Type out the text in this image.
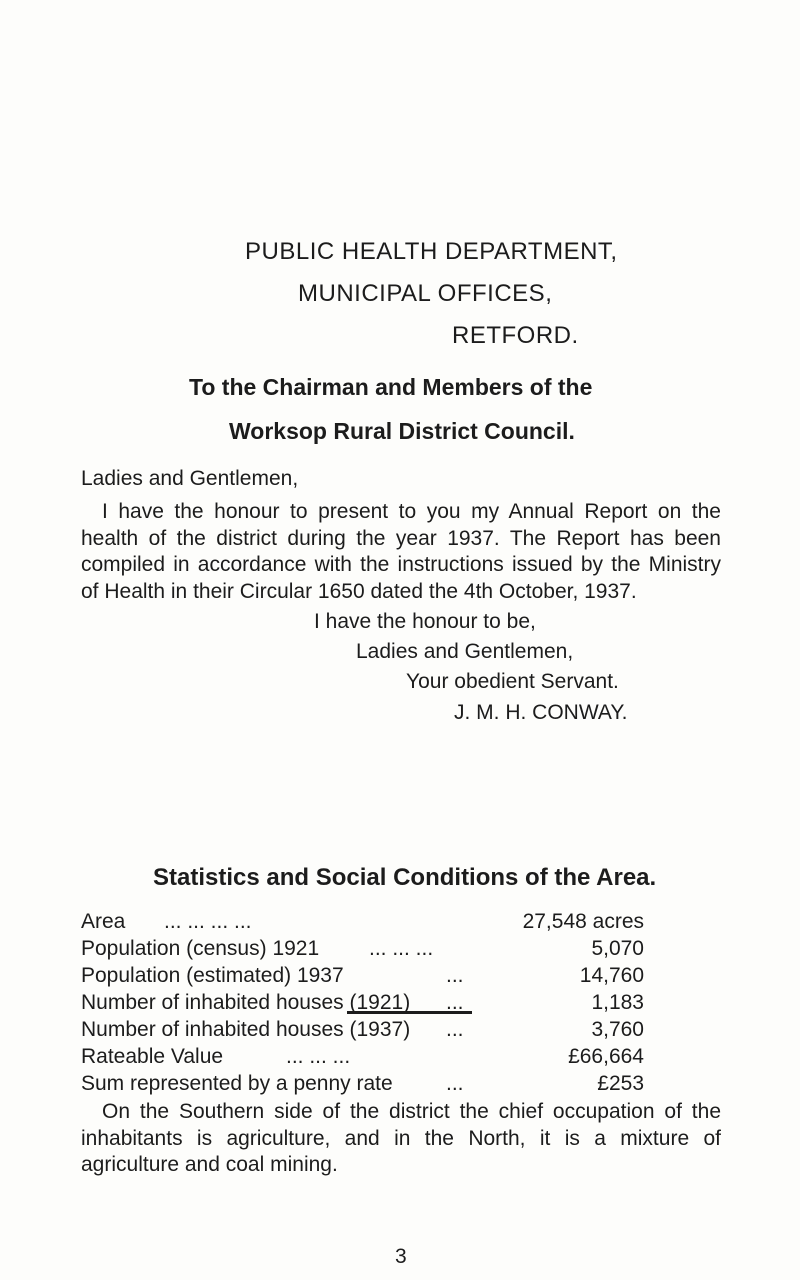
PUBLIC HEALTH DEPARTMENT,
MUNICIPAL OFFICES,
RETFORD.
To the Chairman and Members of the
Worksop Rural District Council.
Ladies and Gentlemen,
I have the honour to present to you my Annual Report on the health of the district during the year 1937. The Report has been compiled in accordance with the instructions issued by the Ministry of Health in their Circular 1650 dated the 4th October, 1937.
I have the honour to be,
Ladies and Gentlemen,
Your obedient Servant.
J. M. H. CONWAY.
Statistics and Social Conditions of the Area.
Area ... ... ... ...	27,548 acres
Population (census) 1921 ... ... ...	5,070
Population (estimated) 1937	...	14,760
Number of inhabited houses (1921) ...	1,183
Number of inhabited houses (1937) ...	3,760
Rateable Value	... ... ...	£66,664
Sum represented by a penny rate	...	£253
On the Southern side of the district the chief occupation of the inhabitants is agriculture, and in the North, it is a mixture of agriculture and coal mining.
3
